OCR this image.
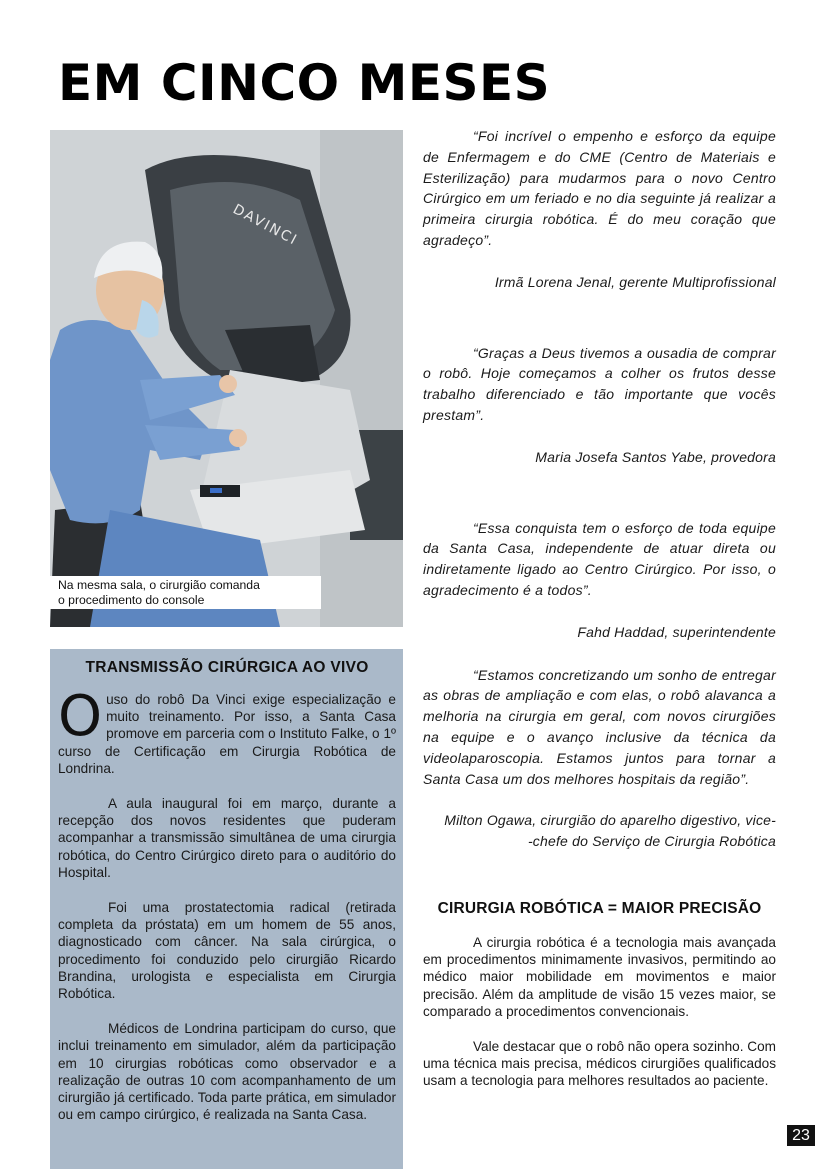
EM CINCO MESES
DAVINCI
Na mesma sala, o cirurgião comanda
o procedimento do console

“Foi incrível o empenho e esforço da equipe de Enfermagem e do CME (Centro de Materiais e Esterilização) para mudarmos para o novo Centro Cirúrgico em um feriado e no dia seguinte já realizar a primeira cirurgia robótica. É do meu coração que agradeço”.

Irmã Lorena Jenal, gerente Multiprofissional

“Graças a Deus tivemos a ousadia de comprar o robô. Hoje começamos a colher os frutos desse trabalho diferenciado e tão importante que vocês prestam”.

Maria Josefa Santos Yabe, provedora

“Essa conquista tem o esforço de toda equipe da Santa Casa, independente de atuar direta ou indiretamente ligado ao Centro Cirúrgico. Por isso, o agradecimento é a todos”.

Fahd Haddad, superintendente

“Estamos concretizando um sonho de entregar as obras de ampliação e com elas, o robô alavanca a melhoria na cirurgia em geral, com novos cirurgiões na equipe e o avanço inclusive da técnica da videolaparoscopia. Estamos juntos para tornar a Santa Casa um dos melhores hospitais da região”.

Milton Ogawa, cirurgião do aparelho digestivo, vice-

-chefe do Serviço de Cirurgia Robótica

TRANSMISSÃO CIRÚRGICA AO VIVO

Ouso do robô Da Vinci exige especialização e muito treinamento. Por isso, a Santa Casa promove em parceria com o Instituto Falke, o 1º curso de Certificação em Cirurgia Robótica de Londrina.

A aula inaugural foi em março, durante a recepção dos novos residentes que puderam acompanhar a transmissão simultânea de uma cirurgia robótica, do Centro Cirúrgico direto para o auditório do Hospital.

Foi uma prostatectomia radical (retirada completa da próstata) em um homem de 55 anos, diagnosticado com câncer. Na sala cirúrgica, o procedimento foi conduzido pelo cirurgião Ricardo Brandina, urologista e especialista em Cirurgia Robótica.

Médicos de Londrina participam do curso, que inclui treinamento em simulador, além da participação em 10 cirurgias robóticas como observador e a realização de outras 10 com acompanhamento de um cirurgião já certificado. Toda parte prática, em simulador ou em campo cirúrgico, é realizada na Santa Casa.

CIRURGIA ROBÓTICA = MAIOR PRECISÃO

A cirurgia robótica é a tecnologia mais avançada em procedimentos minimamente invasivos, permitindo ao médico maior mobilidade em movimentos e maior precisão. Além da amplitude de visão 15 vezes maior, se comparado a procedimentos convencionais.

Vale destacar que o robô não opera sozinho. Com uma técnica mais precisa, médicos cirurgiões qualificados usam a tecnologia para melhores resultados ao paciente.

23
